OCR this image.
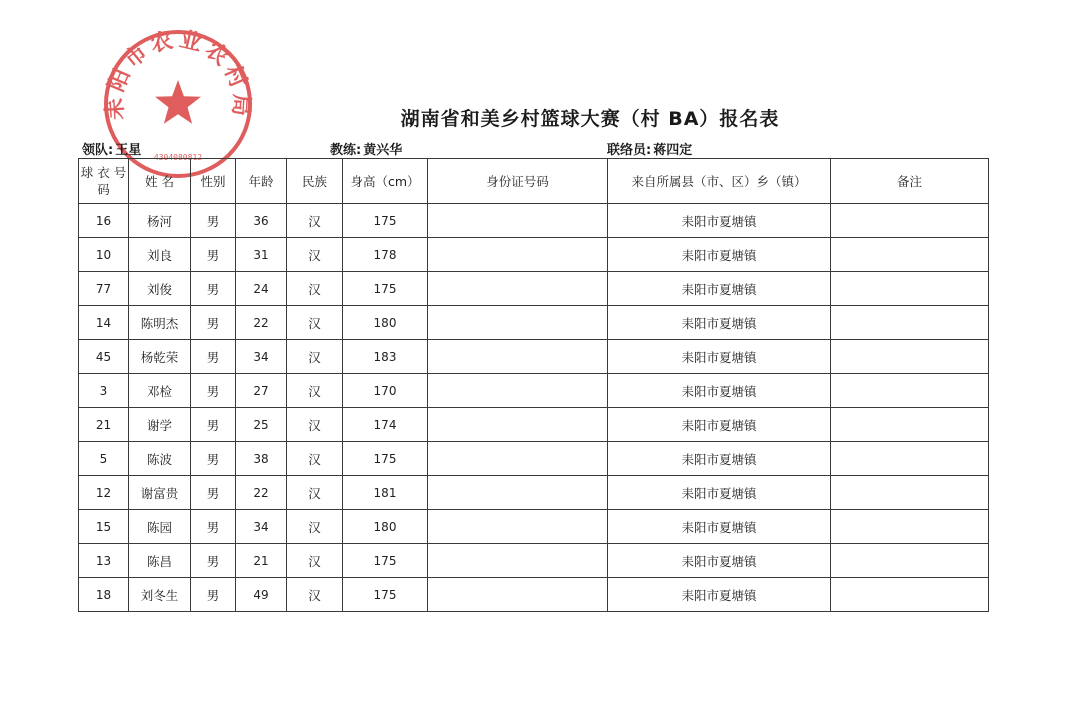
耒阳市农业农村局
4304080812
湖南省和美乡村篮球大赛（村 BA）报名表
领队: 王星	教练: 黄兴华	联络员: 蒋四定
球 衣 号码	姓 名	性别	年龄	民族	身高（cm）	身份证号码	来自所属县（市、区）乡（镇）	备注
16	杨河	男	36	汉	175		耒阳市夏塘镇	
10	刘良	男	31	汉	178		耒阳市夏塘镇	
77	刘俊	男	24	汉	175		耒阳市夏塘镇	
14	陈明杰	男	22	汉	180		耒阳市夏塘镇	
45	杨乾荣	男	34	汉	183		耒阳市夏塘镇	
3	邓检	男	27	汉	170		耒阳市夏塘镇	
21	谢学	男	25	汉	174		耒阳市夏塘镇	
5	陈波	男	38	汉	175		耒阳市夏塘镇	
12	谢富贵	男	22	汉	181		耒阳市夏塘镇	
15	陈园	男	34	汉	180		耒阳市夏塘镇	
13	陈昌	男	21	汉	175		耒阳市夏塘镇	
18	刘冬生	男	49	汉	175		耒阳市夏塘镇	
